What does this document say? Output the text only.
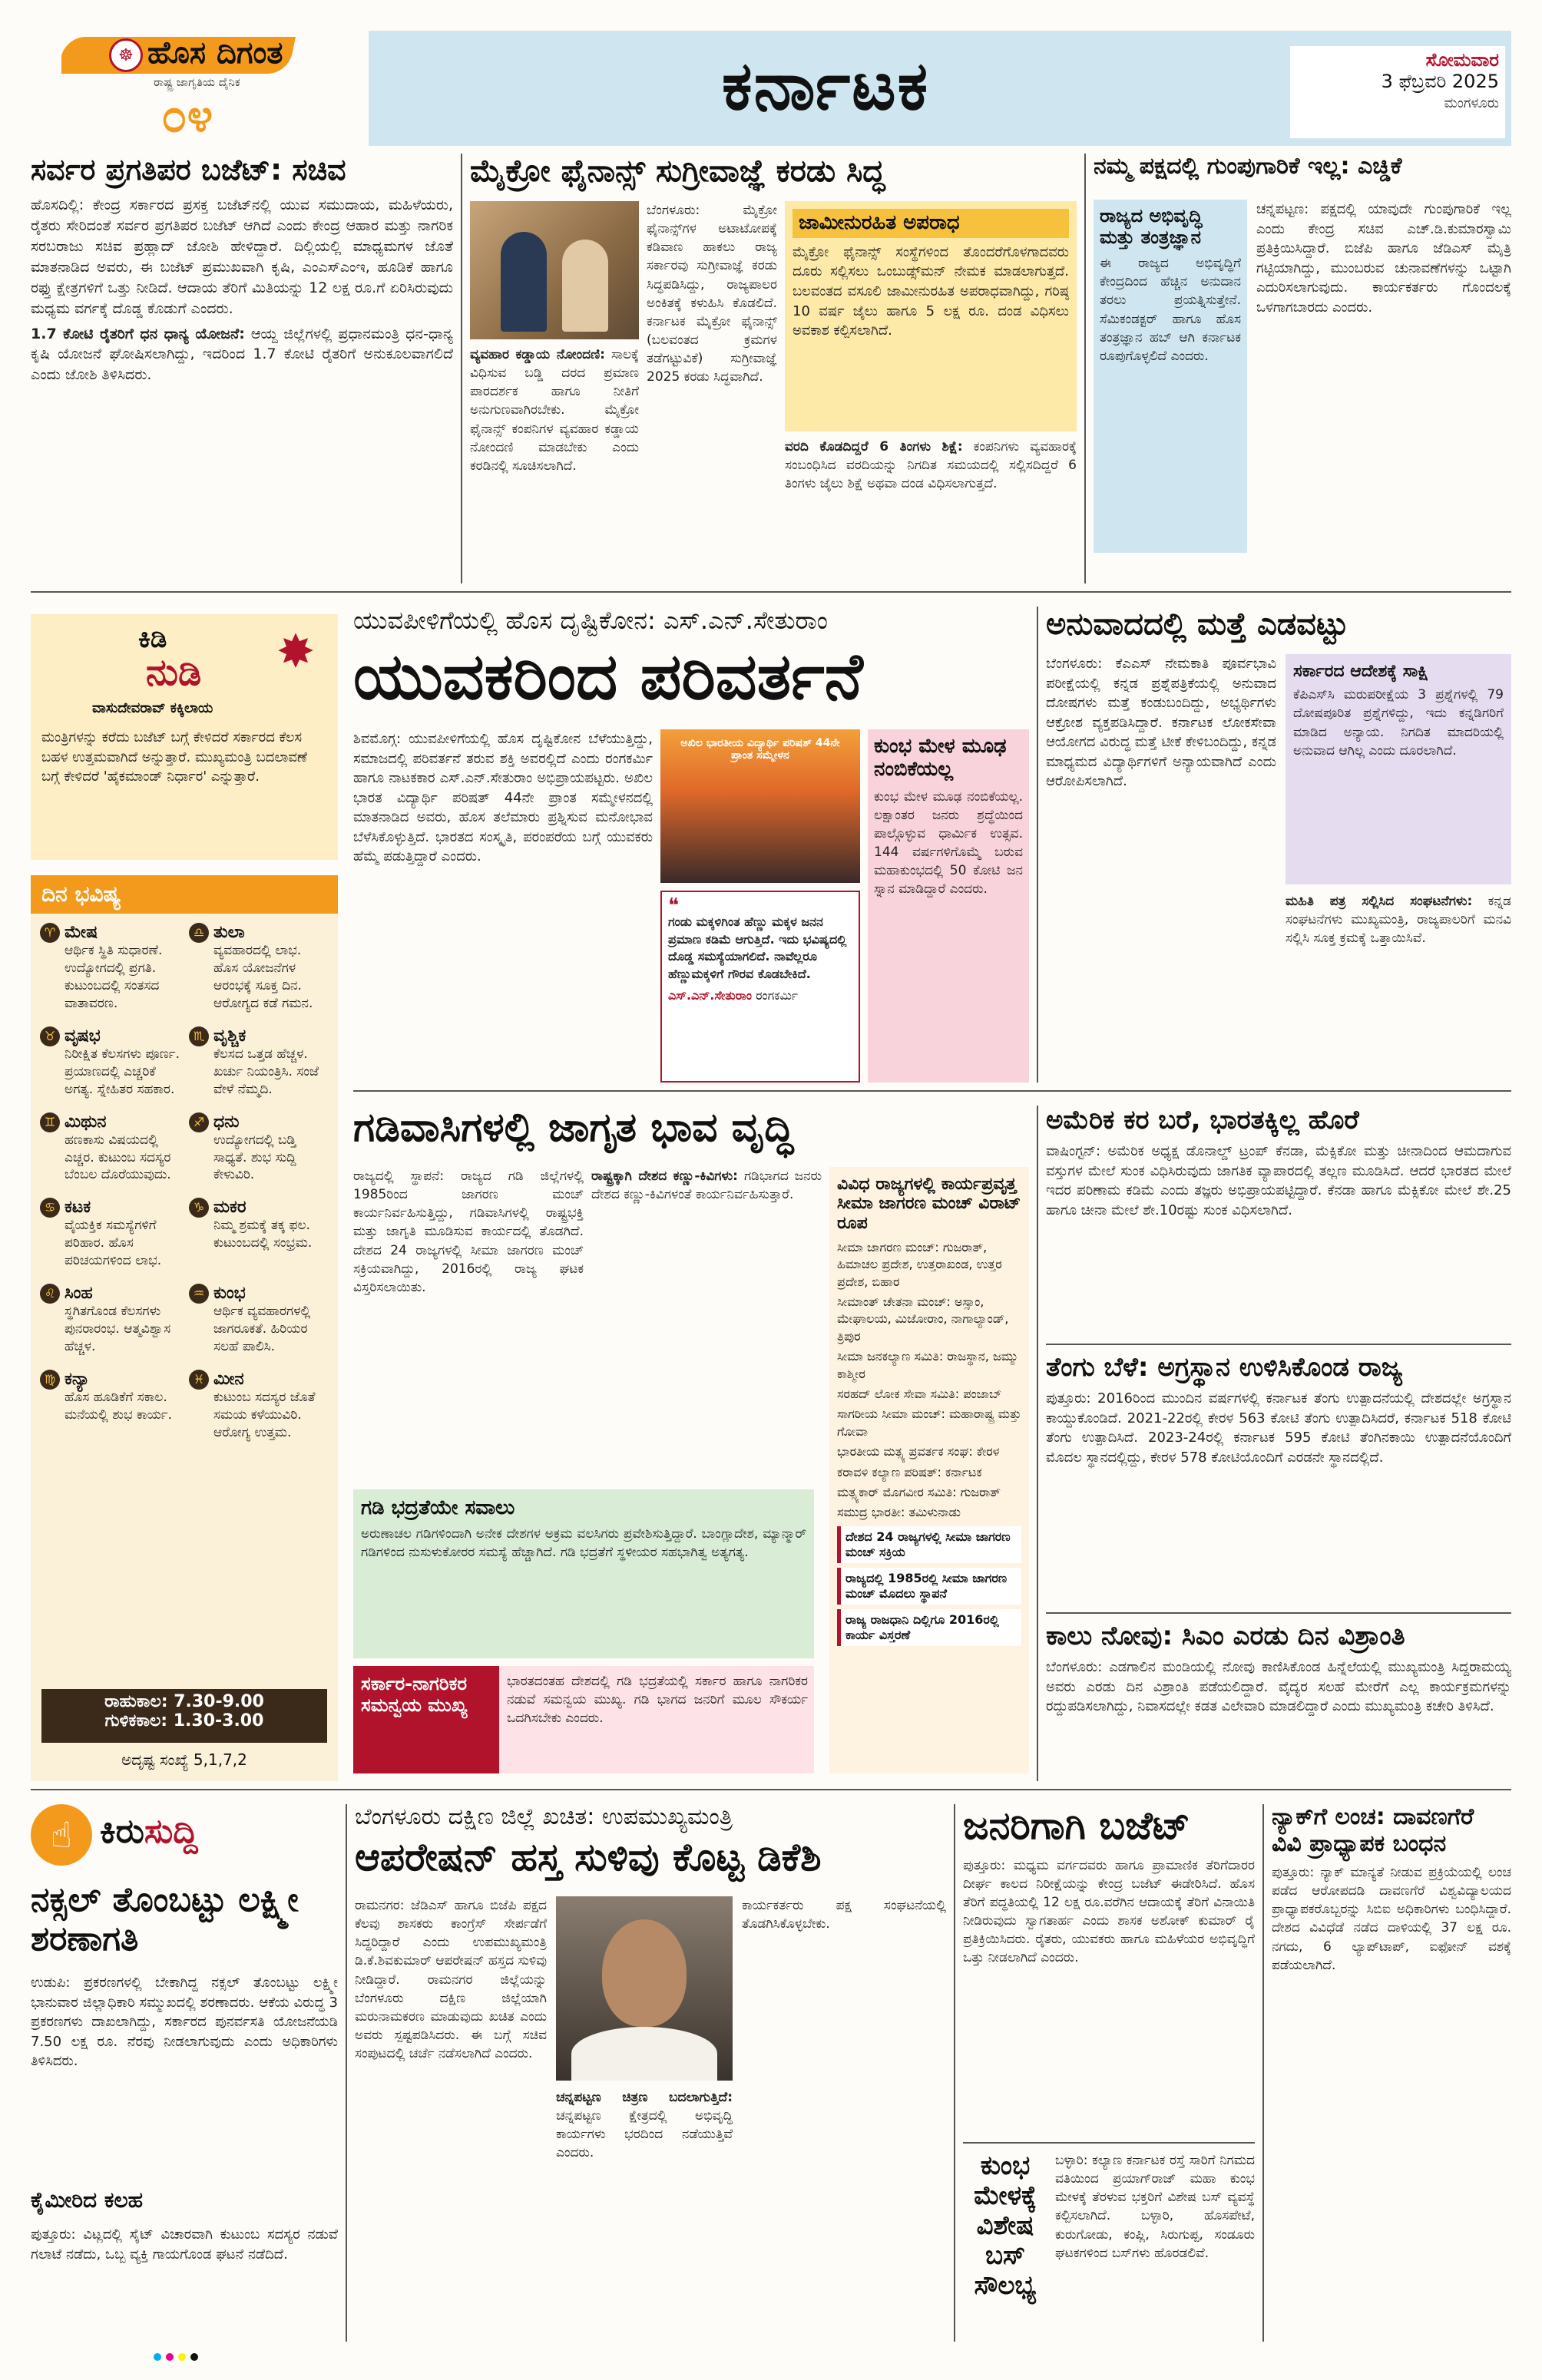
☸ ಹೊಸ ದಿಗಂತ
ರಾಷ್ಟ್ರ ಜಾಗೃತಿಯ ದೈನಿಕ
೦೪	ಕರ್ನಾಟಕ	ಸೋಮವಾರ
3 ಫೆಬ್ರವರಿ 2025
ಮಂಗಳೂರು
ಸರ್ವರ ಪ್ರಗತಿಪರ ಬಜೆಟ್: ಸಚಿವ

ಹೊಸದಿಲ್ಲಿ: ಕೇಂದ್ರ ಸರ್ಕಾರದ ಪ್ರಸಕ್ತ ಬಜೆಟ್‌ನಲ್ಲಿ ಯುವ ಸಮುದಾಯ, ಮಹಿಳೆಯರು, ರೈತರು ಸೇರಿದಂತೆ ಸರ್ವರ ಪ್ರಗತಿಪರ ಬಜೆಟ್ ಆಗಿದೆ ಎಂದು ಕೇಂದ್ರ ಆಹಾರ ಮತ್ತು ನಾಗರಿಕ ಸರಬರಾಜು ಸಚಿವ ಪ್ರಹ್ಲಾದ್ ಜೋಶಿ ಹೇಳಿದ್ದಾರೆ. ದಿಲ್ಲಿಯಲ್ಲಿ ಮಾಧ್ಯಮಗಳ ಜೊತೆ ಮಾತನಾಡಿದ ಅವರು, ಈ ಬಜೆಟ್ ಪ್ರಮುಖವಾಗಿ ಕೃಷಿ, ಎಂಎಸ್‌ಎಂಇ, ಹೂಡಿಕೆ ಹಾಗೂ ರಫ್ತು ಕ್ಷೇತ್ರಗಳಿಗೆ ಒತ್ತು ನೀಡಿದೆ. ಆದಾಯ ತೆರಿಗೆ ಮಿತಿಯನ್ನು 12 ಲಕ್ಷ ರೂ.ಗೆ ಏರಿಸಿರುವುದು ಮಧ್ಯಮ ವರ್ಗಕ್ಕೆ ದೊಡ್ಡ ಕೊಡುಗೆ ಎಂದರು.

1.7 ಕೋಟಿ ರೈತರಿಗೆ ಧನ ಧಾನ್ಯ ಯೋಜನೆ: ಆಯ್ದ ಜಿಲ್ಲೆಗಳಲ್ಲಿ ಪ್ರಧಾನಮಂತ್ರಿ ಧನ-ಧಾನ್ಯ ಕೃಷಿ ಯೋಜನೆ ಘೋಷಿಸಲಾಗಿದ್ದು, ಇದರಿಂದ 1.7 ಕೋಟಿ ರೈತರಿಗೆ ಅನುಕೂಲವಾಗಲಿದೆ ಎಂದು ಜೋಶಿ ತಿಳಿಸಿದರು.

ಮೈಕ್ರೋ ಫೈನಾನ್ಸ್ ಸುಗ್ರೀವಾಜ್ಞೆ ಕರಡು ಸಿದ್ಧ
ಬೆಂಗಳೂರು: ಮೈಕ್ರೋ ಫೈನಾನ್ಸ್‌ಗಳ ಅಟಾಟೋಪಕ್ಕೆ ಕಡಿವಾಣ ಹಾಕಲು ರಾಜ್ಯ ಸರ್ಕಾರವು ಸುಗ್ರೀವಾಜ್ಞೆ ಕರಡು ಸಿದ್ಧಪಡಿಸಿದ್ದು, ರಾಜ್ಯಪಾಲರ ಅಂಕಿತಕ್ಕೆ ಕಳುಹಿಸಿ ಕೊಡಲಿದೆ. ಕರ್ನಾಟಕ ಮೈಕ್ರೋ ಫೈನಾನ್ಸ್ (ಬಲವಂತದ ಕ್ರಮಗಳ ತಡೆಗಟ್ಟುವಿಕೆ) ಸುಗ್ರೀವಾಜ್ಞೆ 2025 ಕರಡು ಸಿದ್ಧವಾಗಿದೆ.
ವ್ಯವಹಾರ ಕಡ್ಡಾಯ ನೋಂದಣಿ: ಸಾಲಕ್ಕೆ ವಿಧಿಸುವ ಬಡ್ಡಿ ದರದ ಪ್ರಮಾಣ ಪಾರದರ್ಶಕ ಹಾಗೂ ನೀತಿಗೆ ಅನುಗುಣವಾಗಿರಬೇಕು. ಮೈಕ್ರೋ ಫೈನಾನ್ಸ್ ಕಂಪನಿಗಳ ವ್ಯವಹಾರ ಕಡ್ಡಾಯ ನೋಂದಣಿ ಮಾಡಬೇಕು ಎಂದು ಕರಡಿನಲ್ಲಿ ಸೂಚಿಸಲಾಗಿದೆ.
ಜಾಮೀನುರಹಿತ ಅಪರಾಧ
ಮೈಕ್ರೋ ಫೈನಾನ್ಸ್ ಸಂಸ್ಥೆಗಳಿಂದ ತೊಂದರೆಗೊಳಗಾದವರು ದೂರು ಸಲ್ಲಿಸಲು ಒಂಬುಡ್ಸ್‌ಮನ್ ನೇಮಕ ಮಾಡಲಾಗುತ್ತದೆ. ಬಲವಂತದ ವಸೂಲಿ ಜಾಮೀನುರಹಿತ ಅಪರಾಧವಾಗಿದ್ದು, ಗರಿಷ್ಠ 10 ವರ್ಷ ಜೈಲು ಹಾಗೂ 5 ಲಕ್ಷ ರೂ. ದಂಡ ವಿಧಿಸಲು ಅವಕಾಶ ಕಲ್ಪಿಸಲಾಗಿದೆ.
ವರದಿ ಕೊಡದಿದ್ದರೆ 6 ತಿಂಗಳು ಶಿಕ್ಷೆ: ಕಂಪನಿಗಳು ವ್ಯವಹಾರಕ್ಕೆ ಸಂಬಂಧಿಸಿದ ವರದಿಯನ್ನು ನಿಗದಿತ ಸಮಯದಲ್ಲಿ ಸಲ್ಲಿಸದಿದ್ದರೆ 6 ತಿಂಗಳು ಜೈಲು ಶಿಕ್ಷೆ ಅಥವಾ ದಂಡ ವಿಧಿಸಲಾಗುತ್ತದೆ.
ನಮ್ಮ ಪಕ್ಷದಲ್ಲಿ ಗುಂಪುಗಾರಿಕೆ ಇಲ್ಲ: ಎಚ್ಡಿಕೆ
ರಾಜ್ಯದ ಅಭಿವೃದ್ಧಿ ಮತ್ತು ತಂತ್ರಜ್ಞಾನ
ಈ ರಾಜ್ಯದ ಅಭಿವೃದ್ಧಿಗೆ ಕೇಂದ್ರದಿಂದ ಹೆಚ್ಚಿನ ಅನುದಾನ ತರಲು ಪ್ರಯತ್ನಿಸುತ್ತೇನೆ. ಸೆಮಿಕಂಡಕ್ಟರ್ ಹಾಗೂ ಹೊಸ ತಂತ್ರಜ್ಞಾನ ಹಬ್ ಆಗಿ ಕರ್ನಾಟಕ ರೂಪುಗೊಳ್ಳಲಿದೆ ಎಂದರು.
ಚನ್ನಪಟ್ಟಣ: ಪಕ್ಷದಲ್ಲಿ ಯಾವುದೇ ಗುಂಪುಗಾರಿಕೆ ಇಲ್ಲ ಎಂದು ಕೇಂದ್ರ ಸಚಿವ ಎಚ್.ಡಿ.ಕುಮಾರಸ್ವಾಮಿ ಪ್ರತಿಕ್ರಿಯಿಸಿದ್ದಾರೆ. ಬಿಜೆಪಿ ಹಾಗೂ ಜೆಡಿಎಸ್ ಮೈತ್ರಿ ಗಟ್ಟಿಯಾಗಿದ್ದು, ಮುಂಬರುವ ಚುನಾವಣೆಗಳನ್ನು ಒಟ್ಟಾಗಿ ಎದುರಿಸಲಾಗುವುದು. ಕಾರ್ಯಕರ್ತರು ಗೊಂದಲಕ್ಕೆ ಒಳಗಾಗಬಾರದು ಎಂದರು.
✸
ಕಿಡಿ
ನುಡಿ
ವಾಸುದೇವರಾವ್ ಕಕ್ಕಿಲಾಯ
ಮಂತ್ರಿಗಳನ್ನು ಕರೆದು ಬಜೆಟ್ ಬಗ್ಗೆ ಕೇಳಿದರೆ ಸರ್ಕಾರದ ಕೆಲಸ ಬಹಳ ಉತ್ತಮವಾಗಿದೆ ಅನ್ನುತ್ತಾರೆ. ಮುಖ್ಯಮಂತ್ರಿ ಬದಲಾವಣೆ ಬಗ್ಗೆ ಕೇಳಿದರೆ 'ಹೈಕಮಾಂಡ್ ನಿರ್ಧಾರ' ಎನ್ನುತ್ತಾರೆ.
ದಿನ ಭವಿಷ್ಯ
♈ ಮೇಷ
ಆರ್ಥಿಕ ಸ್ಥಿತಿ ಸುಧಾರಣೆ. ಉದ್ಯೋಗದಲ್ಲಿ ಪ್ರಗತಿ. ಕುಟುಂಬದಲ್ಲಿ ಸಂತಸದ ವಾತಾವರಣ.
♎ ತುಲಾ
ವ್ಯವಹಾರದಲ್ಲಿ ಲಾಭ. ಹೊಸ ಯೋಜನೆಗಳ ಆರಂಭಕ್ಕೆ ಸೂಕ್ತ ದಿನ. ಆರೋಗ್ಯದ ಕಡೆ ಗಮನ.
♉ ವೃಷಭ
ನಿರೀಕ್ಷಿತ ಕೆಲಸಗಳು ಪೂರ್ಣ. ಪ್ರಯಾಣದಲ್ಲಿ ಎಚ್ಚರಿಕೆ ಅಗತ್ಯ. ಸ್ನೇಹಿತರ ಸಹಕಾರ.
♏ ವೃಶ್ಚಿಕ
ಕೆಲಸದ ಒತ್ತಡ ಹೆಚ್ಚಳ. ಖರ್ಚು ನಿಯಂತ್ರಿಸಿ. ಸಂಜೆ ವೇಳೆ ನೆಮ್ಮದಿ.
♊ ಮಿಥುನ
ಹಣಕಾಸು ವಿಷಯದಲ್ಲಿ ಎಚ್ಚರ. ಕುಟುಂಬ ಸದಸ್ಯರ ಬೆಂಬಲ ದೊರೆಯುವುದು.
♐ ಧನು
ಉದ್ಯೋಗದಲ್ಲಿ ಬಡ್ತಿ ಸಾಧ್ಯತೆ. ಶುಭ ಸುದ್ದಿ ಕೇಳುವಿರಿ.
♋ ಕಟಕ
ವೈಯಕ್ತಿಕ ಸಮಸ್ಯೆಗಳಿಗೆ ಪರಿಹಾರ. ಹೊಸ ಪರಿಚಯಗಳಿಂದ ಲಾಭ.
♑ ಮಕರ
ನಿಮ್ಮ ಶ್ರಮಕ್ಕೆ ತಕ್ಕ ಫಲ. ಕುಟುಂಬದಲ್ಲಿ ಸಂಭ್ರಮ.
♌ ಸಿಂಹ
ಸ್ಥಗಿತಗೊಂಡ ಕೆಲಸಗಳು ಪುನರಾರಂಭ. ಆತ್ಮವಿಶ್ವಾಸ ಹೆಚ್ಚಳ.
♒ ಕುಂಭ
ಆರ್ಥಿಕ ವ್ಯವಹಾರಗಳಲ್ಲಿ ಜಾಗರೂಕತೆ. ಹಿರಿಯರ ಸಲಹೆ ಪಾಲಿಸಿ.
♍ ಕನ್ಯಾ
ಹೊಸ ಹೂಡಿಕೆಗೆ ಸಕಾಲ. ಮನೆಯಲ್ಲಿ ಶುಭ ಕಾರ್ಯ.
♓ ಮೀನ
ಕುಟುಂಬ ಸದಸ್ಯರ ಜೊತೆ ಸಮಯ ಕಳೆಯುವಿರಿ. ಆರೋಗ್ಯ ಉತ್ತಮ.
ರಾಹುಕಾಲ: 7.30-9.00
ಗುಳಿಕಕಾಲ: 1.30-3.00
ಅದೃಷ್ಟ ಸಂಖ್ಯೆ 5,1,7,2
ಯುವಪೀಳಿಗೆಯಲ್ಲಿ ಹೊಸ ದೃಷ್ಟಿಕೋನ: ಎಸ್.ಎನ್.ಸೇತುರಾಂ
ಯುವಕರಿಂದ ಪರಿವರ್ತನೆ
ಶಿವಮೊಗ್ಗ: ಯುವಪೀಳಿಗೆಯಲ್ಲಿ ಹೊಸ ದೃಷ್ಟಿಕೋನ ಬೆಳೆಯುತ್ತಿದ್ದು, ಸಮಾಜದಲ್ಲಿ ಪರಿವರ್ತನೆ ತರುವ ಶಕ್ತಿ ಅವರಲ್ಲಿದೆ ಎಂದು ರಂಗಕರ್ಮಿ ಹಾಗೂ ನಾಟಕಕಾರ ಎಸ್.ಎನ್.ಸೇತುರಾಂ ಅಭಿಪ್ರಾಯಪಟ್ಟರು. ಅಖಿಲ ಭಾರತ ವಿದ್ಯಾರ್ಥಿ ಪರಿಷತ್ 44ನೇ ಪ್ರಾಂತ ಸಮ್ಮೇಳನದಲ್ಲಿ ಮಾತನಾಡಿದ ಅವರು, ಹೊಸ ತಲೆಮಾರು ಪ್ರಶ್ನಿಸುವ ಮನೋಭಾವ ಬೆಳೆಸಿಕೊಳ್ಳುತ್ತಿದೆ. ಭಾರತದ ಸಂಸ್ಕೃತಿ, ಪರಂಪರೆಯ ಬಗ್ಗೆ ಯುವಕರು ಹೆಮ್ಮೆ ಪಡುತ್ತಿದ್ದಾರೆ ಎಂದರು.
ಅಖಿಲ ಭಾರತೀಯ ವಿದ್ಯಾರ್ಥಿ ಪರಿಷತ್ 44ನೇ ಪ್ರಾಂತ ಸಮ್ಮೇಳನ	ಕುಂಭ ಮೇಳ ಮೂಢ ನಂಬಿಕೆಯಲ್ಲ
ಕುಂಭ ಮೇಳ ಮೂಢ ನಂಬಿಕೆಯಲ್ಲ. ಲಕ್ಷಾಂತರ ಜನರು ಶ್ರದ್ಧೆಯಿಂದ ಪಾಲ್ಗೊಳ್ಳುವ ಧಾರ್ಮಿಕ ಉತ್ಸವ. 144 ವರ್ಷಗಳಿಗೊಮ್ಮೆ ಬರುವ ಮಹಾಕುಂಭದಲ್ಲಿ 50 ಕೋಟಿ ಜನ ಸ್ನಾನ ಮಾಡಿದ್ದಾರೆ ಎಂದರು.
❝
ಗಂಡು ಮಕ್ಕಳಿಗಿಂತ ಹೆಣ್ಣು ಮಕ್ಕಳ ಜನನ ಪ್ರಮಾಣ ಕಡಿಮೆ ಆಗುತ್ತಿದೆ. ಇದು ಭವಿಷ್ಯದಲ್ಲಿ ದೊಡ್ಡ ಸಮಸ್ಯೆಯಾಗಲಿದೆ. ನಾವೆಲ್ಲರೂ ಹೆಣ್ಣುಮಕ್ಕಳಿಗೆ ಗೌರವ ಕೊಡಬೇಕಿದೆ.
ಎಸ್.ಎನ್.ಸೇತುರಾಂ ರಂಗಕರ್ಮಿ
ಅನುವಾದದಲ್ಲಿ ಮತ್ತೆ ಎಡವಟ್ಟು
ಬೆಂಗಳೂರು: ಕೆಎಎಸ್ ನೇಮಕಾತಿ ಪೂರ್ವಭಾವಿ ಪರೀಕ್ಷೆಯಲ್ಲಿ ಕನ್ನಡ ಪ್ರಶ್ನೆಪತ್ರಿಕೆಯಲ್ಲಿ ಅನುವಾದ ದೋಷಗಳು ಮತ್ತೆ ಕಂಡುಬಂದಿದ್ದು, ಅಭ್ಯರ್ಥಿಗಳು ಆಕ್ರೋಶ ವ್ಯಕ್ತಪಡಿಸಿದ್ದಾರೆ. ಕರ್ನಾಟಕ ಲೋಕಸೇವಾ ಆಯೋಗದ ವಿರುದ್ಧ ಮತ್ತೆ ಟೀಕೆ ಕೇಳಿಬಂದಿದ್ದು, ಕನ್ನಡ ಮಾಧ್ಯಮದ ವಿದ್ಯಾರ್ಥಿಗಳಿಗೆ ಅನ್ಯಾಯವಾಗಿದೆ ಎಂದು ಆರೋಪಿಸಲಾಗಿದೆ.
ಸರ್ಕಾರದ ಆದೇಶಕ್ಕೆ ಸಾಕ್ಷಿ
ಕೆಪಿಎಸ್‌ಸಿ ಮರುಪರೀಕ್ಷೆಯ 3 ಪ್ರಶ್ನೆಗಳಲ್ಲಿ 79 ದೋಷಪೂರಿತ ಪ್ರಶ್ನೆಗಳಿದ್ದು, ಇದು ಕನ್ನಡಿಗರಿಗೆ ಮಾಡಿದ ಅನ್ಯಾಯ. ನಿಗದಿತ ಮಾದರಿಯಲ್ಲಿ ಅನುವಾದ ಆಗಿಲ್ಲ ಎಂದು ದೂರಲಾಗಿದೆ.
ಮಹಿತಿ ಪತ್ರ ಸಲ್ಲಿಸಿದ ಸಂಘಟನೆಗಳು: ಕನ್ನಡ ಸಂಘಟನೆಗಳು ಮುಖ್ಯಮಂತ್ರಿ, ರಾಜ್ಯಪಾಲರಿಗೆ ಮನವಿ ಸಲ್ಲಿಸಿ ಸೂಕ್ತ ಕ್ರಮಕ್ಕೆ ಒತ್ತಾಯಿಸಿವೆ.
ಗಡಿವಾಸಿಗಳಲ್ಲಿ ಜಾಗೃತ ಭಾವ ವೃದ್ಧಿ
ರಾಜ್ಯದಲ್ಲಿ ಸ್ಥಾಪನೆ: ರಾಜ್ಯದ ಗಡಿ ಜಿಲ್ಲೆಗಳಲ್ಲಿ 1985ರಿಂದ ಜಾಗರಣ ಮಂಚ್ ಕಾರ್ಯನಿರ್ವಹಿಸುತ್ತಿದ್ದು, ಗಡಿವಾಸಿಗಳಲ್ಲಿ ರಾಷ್ಟ್ರಭಕ್ತಿ ಮತ್ತು ಜಾಗೃತಿ ಮೂಡಿಸುವ ಕಾರ್ಯದಲ್ಲಿ ತೊಡಗಿದೆ. ದೇಶದ 24 ರಾಜ್ಯಗಳಲ್ಲಿ ಸೀಮಾ ಜಾಗರಣ ಮಂಚ್ ಸಕ್ರಿಯವಾಗಿದ್ದು, 2016ರಲ್ಲಿ ರಾಜ್ಯ ಘಟಕ ವಿಸ್ತರಿಸಲಾಯಿತು.
ರಾಷ್ಟ್ರಕ್ಕಾಗಿ ದೇಶದ ಕಣ್ಣು-ಕಿವಿಗಳು: ಗಡಿಭಾಗದ ಜನರು ದೇಶದ ಕಣ್ಣು-ಕಿವಿಗಳಂತೆ ಕಾರ್ಯನಿರ್ವಹಿಸುತ್ತಾರೆ.
ಗಡಿ ಭದ್ರತೆಯೇ ಸವಾಲು
ಅರುಣಾಚಲ ಗಡಿಗಳಿಂದಾಗಿ ಅನೇಕ ದೇಶಗಳ ಅಕ್ರಮ ವಲಸಿಗರು ಪ್ರವೇಶಿಸುತ್ತಿದ್ದಾರೆ. ಬಾಂಗ್ಲಾದೇಶ, ಮ್ಯಾನ್ಮಾರ್ ಗಡಿಗಳಿಂದ ನುಸುಳುಕೋರರ ಸಮಸ್ಯೆ ಹೆಚ್ಚಾಗಿದೆ. ಗಡಿ ಭದ್ರತೆಗೆ ಸ್ಥಳೀಯರ ಸಹಭಾಗಿತ್ವ ಅತ್ಯಗತ್ಯ.
ಸರ್ಕಾರ-ನಾಗರಿಕರ ಸಮನ್ವಯ ಮುಖ್ಯ
ಭಾರತದಂತಹ ದೇಶದಲ್ಲಿ ಗಡಿ ಭದ್ರತೆಯಲ್ಲಿ ಸರ್ಕಾರ ಹಾಗೂ ನಾಗರಿಕರ ನಡುವೆ ಸಮನ್ವಯ ಮುಖ್ಯ. ಗಡಿ ಭಾಗದ ಜನರಿಗೆ ಮೂಲ ಸೌಕರ್ಯ ಒದಗಿಸಬೇಕು ಎಂದರು.
ವಿವಿಧ ರಾಜ್ಯಗಳಲ್ಲಿ ಕಾರ್ಯಪ್ರವೃತ್ತ ಸೀಮಾ ಜಾಗರಣ ಮಂಚ್ ವಿರಾಟ್ ರೂಪ
ಸೀಮಾ ಜಾಗರಣ ಮಂಚ್: ಗುಜರಾತ್, ಹಿಮಾಚಲ ಪ್ರದೇಶ, ಉತ್ತರಾಖಂಡ, ಉತ್ತರ ಪ್ರದೇಶ, ಬಿಹಾರ
ಸೀಮಾಂತ್ ಚೇತನಾ ಮಂಚ್: ಅಸ್ಸಾಂ, ಮೇಘಾಲಯ, ಮಿಜೋರಾಂ, ನಾಗಾಲ್ಯಾಂಡ್, ತ್ರಿಪುರ
ಸೀಮಾ ಜನಕಲ್ಯಾಣ ಸಮಿತಿ: ರಾಜಸ್ಥಾನ, ಜಮ್ಮು ಕಾಶ್ಮೀರ
ಸರಹದ್ ಲೋಕ ಸೇವಾ ಸಮಿತಿ: ಪಂಜಾಬ್
ಸಾಗರೀಯ ಸೀಮಾ ಮಂಚ್: ಮಹಾರಾಷ್ಟ್ರ ಮತ್ತು ಗೋವಾ
ಭಾರತೀಯ ಮತ್ಸ್ಯ ಪ್ರವರ್ತಕ ಸಂಘ: ಕೇರಳ
ಕರಾವಳಿ ಕಲ್ಯಾಣ ಪರಿಷತ್: ಕರ್ನಾಟಕ
ಮತ್ಸ್ಯಕಾರ್ ಮೊಗವೀರ ಸಮಿತಿ: ಗುಜರಾತ್
ಸಮುದ್ರ ಭಾರತೀ: ತಮಿಳುನಾಡು
ದೇಶದ 24 ರಾಜ್ಯಗಳಲ್ಲಿ ಸೀಮಾ ಜಾಗರಣ ಮಂಚ್ ಸಕ್ರಿಯ
ರಾಜ್ಯದಲ್ಲಿ 1985ರಲ್ಲಿ ಸೀಮಾ ಜಾಗರಣ ಮಂಚ್ ಮೊದಲು ಸ್ಥಾಪನೆ
ರಾಜ್ಯ ರಾಜಧಾನಿ ದಿಲ್ಲಿಗೂ 2016ರಲ್ಲಿ ಕಾರ್ಯ ವಿಸ್ತರಣೆ
ಅಮೆರಿಕ ಕರ ಬರೆ, ಭಾರತಕ್ಕಿಲ್ಲ ಹೊರೆ
ವಾಷಿಂಗ್ಟನ್: ಅಮೆರಿಕ ಅಧ್ಯಕ್ಷ ಡೊನಾಲ್ಡ್ ಟ್ರಂಪ್ ಕೆನಡಾ, ಮೆಕ್ಸಿಕೋ ಮತ್ತು ಚೀನಾದಿಂದ ಆಮದಾಗುವ ವಸ್ತುಗಳ ಮೇಲೆ ಸುಂಕ ವಿಧಿಸಿರುವುದು ಜಾಗತಿಕ ವ್ಯಾಪಾರದಲ್ಲಿ ತಲ್ಲಣ ಮೂಡಿಸಿದೆ. ಆದರೆ ಭಾರತದ ಮೇಲೆ ಇದರ ಪರಿಣಾಮ ಕಡಿಮೆ ಎಂದು ತಜ್ಞರು ಅಭಿಪ್ರಾಯಪಟ್ಟಿದ್ದಾರೆ. ಕೆನಡಾ ಹಾಗೂ ಮೆಕ್ಸಿಕೋ ಮೇಲೆ ಶೇ.25 ಹಾಗೂ ಚೀನಾ ಮೇಲೆ ಶೇ.10ರಷ್ಟು ಸುಂಕ ವಿಧಿಸಲಾಗಿದೆ.
ತೆಂಗು ಬೆಳೆ: ಅಗ್ರಸ್ಥಾನ ಉಳಿಸಿಕೊಂಡ ರಾಜ್ಯ
ಪುತ್ತೂರು: 2016ರಿಂದ ಮುಂದಿನ ವರ್ಷಗಳಲ್ಲಿ ಕರ್ನಾಟಕ ತೆಂಗು ಉತ್ಪಾದನೆಯಲ್ಲಿ ದೇಶದಲ್ಲೇ ಅಗ್ರಸ್ಥಾನ ಕಾಯ್ದುಕೊಂಡಿದೆ. 2021-22ರಲ್ಲಿ ಕೇರಳ 563 ಕೋಟಿ ತೆಂಗು ಉತ್ಪಾದಿಸಿದರೆ, ಕರ್ನಾಟಕ 518 ಕೋಟಿ ತೆಂಗು ಉತ್ಪಾದಿಸಿದೆ. 2023-24ರಲ್ಲಿ ಕರ್ನಾಟಕ 595 ಕೋಟಿ ತೆಂಗಿನಕಾಯಿ ಉತ್ಪಾದನೆಯೊಂದಿಗೆ ಮೊದಲ ಸ್ಥಾನದಲ್ಲಿದ್ದು, ಕೇರಳ 578 ಕೋಟಿಯೊಂದಿಗೆ ಎರಡನೇ ಸ್ಥಾನದಲ್ಲಿದೆ.
ಕಾಲು ನೋವು: ಸಿಎಂ ಎರಡು ದಿನ ವಿಶ್ರಾಂತಿ
ಬೆಂಗಳೂರು: ಎಡಗಾಲಿನ ಮಂಡಿಯಲ್ಲಿ ನೋವು ಕಾಣಿಸಿಕೊಂಡ ಹಿನ್ನೆಲೆಯಲ್ಲಿ ಮುಖ್ಯಮಂತ್ರಿ ಸಿದ್ದರಾಮಯ್ಯ ಅವರು ಎರಡು ದಿನ ವಿಶ್ರಾಂತಿ ಪಡೆಯಲಿದ್ದಾರೆ. ವೈದ್ಯರ ಸಲಹೆ ಮೇರೆಗೆ ಎಲ್ಲ ಕಾರ್ಯಕ್ರಮಗಳನ್ನು ರದ್ದುಪಡಿಸಲಾಗಿದ್ದು, ನಿವಾಸದಲ್ಲೇ ಕಡತ ವಿಲೇವಾರಿ ಮಾಡಲಿದ್ದಾರೆ ಎಂದು ಮುಖ್ಯಮಂತ್ರಿ ಕಚೇರಿ ತಿಳಿಸಿದೆ.
☝ ಕಿರುಸುದ್ದಿ
ನಕ್ಸಲ್ ತೊಂಬಟ್ಟು ಲಕ್ಷ್ಮೀ ಶರಣಾಗತಿ
ಉಡುಪಿ: ಪ್ರಕರಣಗಳಲ್ಲಿ ಬೇಕಾಗಿದ್ದ ನಕ್ಸಲ್ ತೊಂಬಟ್ಟು ಲಕ್ಷ್ಮೀ ಭಾನುವಾರ ಜಿಲ್ಲಾಧಿಕಾರಿ ಸಮ್ಮುಖದಲ್ಲಿ ಶರಣಾದರು. ಆಕೆಯ ವಿರುದ್ಧ 3 ಪ್ರಕರಣಗಳು ದಾಖಲಾಗಿದ್ದು, ಸರ್ಕಾರದ ಪುನರ್ವಸತಿ ಯೋಜನೆಯಡಿ 7.50 ಲಕ್ಷ ರೂ. ನೆರವು ನೀಡಲಾಗುವುದು ಎಂದು ಅಧಿಕಾರಿಗಳು ತಿಳಿಸಿದರು.
ಕೈಮೀರಿದ ಕಲಹ
ಪುತ್ತೂರು: ವಿಟ್ಲದಲ್ಲಿ ಸೈಟ್ ವಿಚಾರವಾಗಿ ಕುಟುಂಬ ಸದಸ್ಯರ ನಡುವೆ ಗಲಾಟೆ ನಡೆದು, ಒಬ್ಬ ವ್ಯಕ್ತಿ ಗಾಯಗೊಂಡ ಘಟನೆ ನಡೆದಿದೆ.
ಬೆಂಗಳೂರು ದಕ್ಷಿಣ ಜಿಲ್ಲೆ ಖಚಿತ: ಉಪಮುಖ್ಯಮಂತ್ರಿ
ಆಪರೇಷನ್ ಹಸ್ತ ಸುಳಿವು ಕೊಟ್ಟ ಡಿಕೆಶಿ
ರಾಮನಗರ: ಜೆಡಿಎಸ್ ಹಾಗೂ ಬಿಜೆಪಿ ಪಕ್ಷದ ಕೆಲವು ಶಾಸಕರು ಕಾಂಗ್ರೆಸ್ ಸೇರ್ಪಡೆಗೆ ಸಿದ್ಧರಿದ್ದಾರೆ ಎಂದು ಉಪಮುಖ್ಯಮಂತ್ರಿ ಡಿ.ಕೆ.ಶಿವಕುಮಾರ್ ಆಪರೇಷನ್ ಹಸ್ತದ ಸುಳಿವು ನೀಡಿದ್ದಾರೆ. ರಾಮನಗರ ಜಿಲ್ಲೆಯನ್ನು ಬೆಂಗಳೂರು ದಕ್ಷಿಣ ಜಿಲ್ಲೆಯಾಗಿ ಮರುನಾಮಕರಣ ಮಾಡುವುದು ಖಚಿತ ಎಂದು ಅವರು ಸ್ಪಷ್ಟಪಡಿಸಿದರು. ಈ ಬಗ್ಗೆ ಸಚಿವ ಸಂಪುಟದಲ್ಲಿ ಚರ್ಚೆ ನಡೆಸಲಾಗಿದೆ ಎಂದರು.
ಚನ್ನಪಟ್ಟಣ ಚಿತ್ರಣ ಬದಲಾಗುತ್ತಿದೆ: ಚನ್ನಪಟ್ಟಣ ಕ್ಷೇತ್ರದಲ್ಲಿ ಅಭಿವೃದ್ಧಿ ಕಾರ್ಯಗಳು ಭರದಿಂದ ನಡೆಯುತ್ತಿವೆ ಎಂದರು.
ಕಾರ್ಯಕರ್ತರು ಪಕ್ಷ ಸಂಘಟನೆಯಲ್ಲಿ ತೊಡಗಿಸಿಕೊಳ್ಳಬೇಕು.
ಜನರಿಗಾಗಿ ಬಜೆಟ್
ಪುತ್ತೂರು: ಮಧ್ಯಮ ವರ್ಗದವರು ಹಾಗೂ ಪ್ರಾಮಾಣಿಕ ತೆರಿಗೆದಾರರ ದೀರ್ಘ ಕಾಲದ ನಿರೀಕ್ಷೆಯನ್ನು ಕೇಂದ್ರ ಬಜೆಟ್ ಈಡೇರಿಸಿದೆ. ಹೊಸ ತೆರಿಗೆ ಪದ್ಧತಿಯಲ್ಲಿ 12 ಲಕ್ಷ ರೂ.ವರೆಗಿನ ಆದಾಯಕ್ಕೆ ತೆರಿಗೆ ವಿನಾಯಿತಿ ನೀಡಿರುವುದು ಸ್ವಾಗತಾರ್ಹ ಎಂದು ಶಾಸಕ ಅಶೋಕ್ ಕುಮಾರ್ ರೈ ಪ್ರತಿಕ್ರಿಯಿಸಿದರು. ರೈತರು, ಯುವಕರು ಹಾಗೂ ಮಹಿಳೆಯರ ಅಭಿವೃದ್ಧಿಗೆ ಒತ್ತು ನೀಡಲಾಗಿದೆ ಎಂದರು.
ಕುಂಭ ಮೇಳಕ್ಕೆ ವಿಶೇಷ ಬಸ್ ಸೌಲಭ್ಯ
ಬಳ್ಳಾರಿ: ಕಲ್ಯಾಣ ಕರ್ನಾಟಕ ರಸ್ತೆ ಸಾರಿಗೆ ನಿಗಮದ ವತಿಯಿಂದ ಪ್ರಯಾಗ್‌ರಾಜ್ ಮಹಾ ಕುಂಭ ಮೇಳಕ್ಕೆ ತೆರಳುವ ಭಕ್ತರಿಗೆ ವಿಶೇಷ ಬಸ್ ವ್ಯವಸ್ಥೆ ಕಲ್ಪಿಸಲಾಗಿದೆ. ಬಳ್ಳಾರಿ, ಹೊಸಪೇಟೆ, ಕುರುಗೋಡು, ಕಂಪ್ಲಿ, ಸಿರುಗುಪ್ಪ, ಸಂಡೂರು ಘಟಕಗಳಿಂದ ಬಸ್‌ಗಳು ಹೊರಡಲಿವೆ.
ನ್ಯಾಕ್‌ಗೆ ಲಂಚ: ದಾವಣಗೆರೆ ವಿವಿ ಪ್ರಾಧ್ಯಾಪಕ ಬಂಧನ
ಪುತ್ತೂರು: ನ್ಯಾಕ್ ಮಾನ್ಯತೆ ನೀಡುವ ಪ್ರಕ್ರಿಯೆಯಲ್ಲಿ ಲಂಚ ಪಡೆದ ಆರೋಪದಡಿ ದಾವಣಗೆರೆ ವಿಶ್ವವಿದ್ಯಾಲಯದ ಪ್ರಾಧ್ಯಾಪಕರೊಬ್ಬರನ್ನು ಸಿಬಿಐ ಅಧಿಕಾರಿಗಳು ಬಂಧಿಸಿದ್ದಾರೆ. ದೇಶದ ವಿವಿಧೆಡೆ ನಡೆದ ದಾಳಿಯಲ್ಲಿ 37 ಲಕ್ಷ ರೂ. ನಗದು, 6 ಲ್ಯಾಪ್‌ಟಾಪ್, ಐಫೋನ್ ವಶಕ್ಕೆ ಪಡೆಯಲಾಗಿದೆ.
